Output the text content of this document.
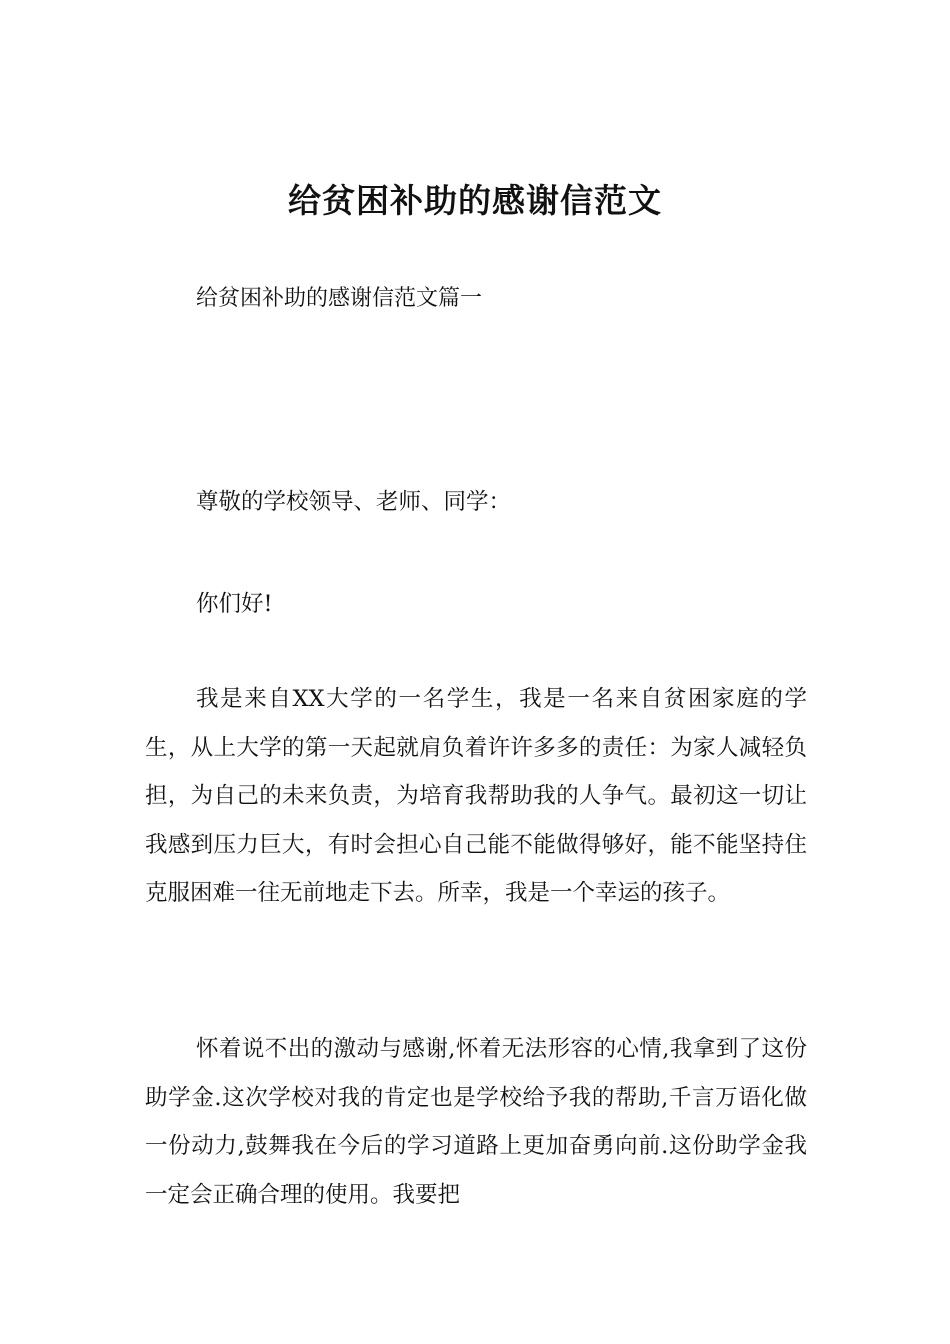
给贫困补助的感谢信范文

给贫困补助的感谢信范文篇一

尊敬的学校领导、老师、同学：

你们好!

我是来自XX大学的一名学生，我是一名来自贫困家庭的学生，从上大学的第一天起就肩负着许许多多的责任：为家人减轻负担，为自己的未来负责，为培育我帮助我的人争气。最初这一切让我感到压力巨大，有时会担心自己能不能做得够好，能不能坚持住克服困难一往无前地走下去。所幸，我是一个幸运的孩子。

怀着说不出的激动与感谢,怀着无法形容的心情,我拿到了这份助学金.这次学校对我的肯定也是学校给予我的帮助,千言万语化做一份动力,鼓舞我在今后的学习道路上更加奋勇向前.这份助学金我一定会正确合理的使用。我要把
